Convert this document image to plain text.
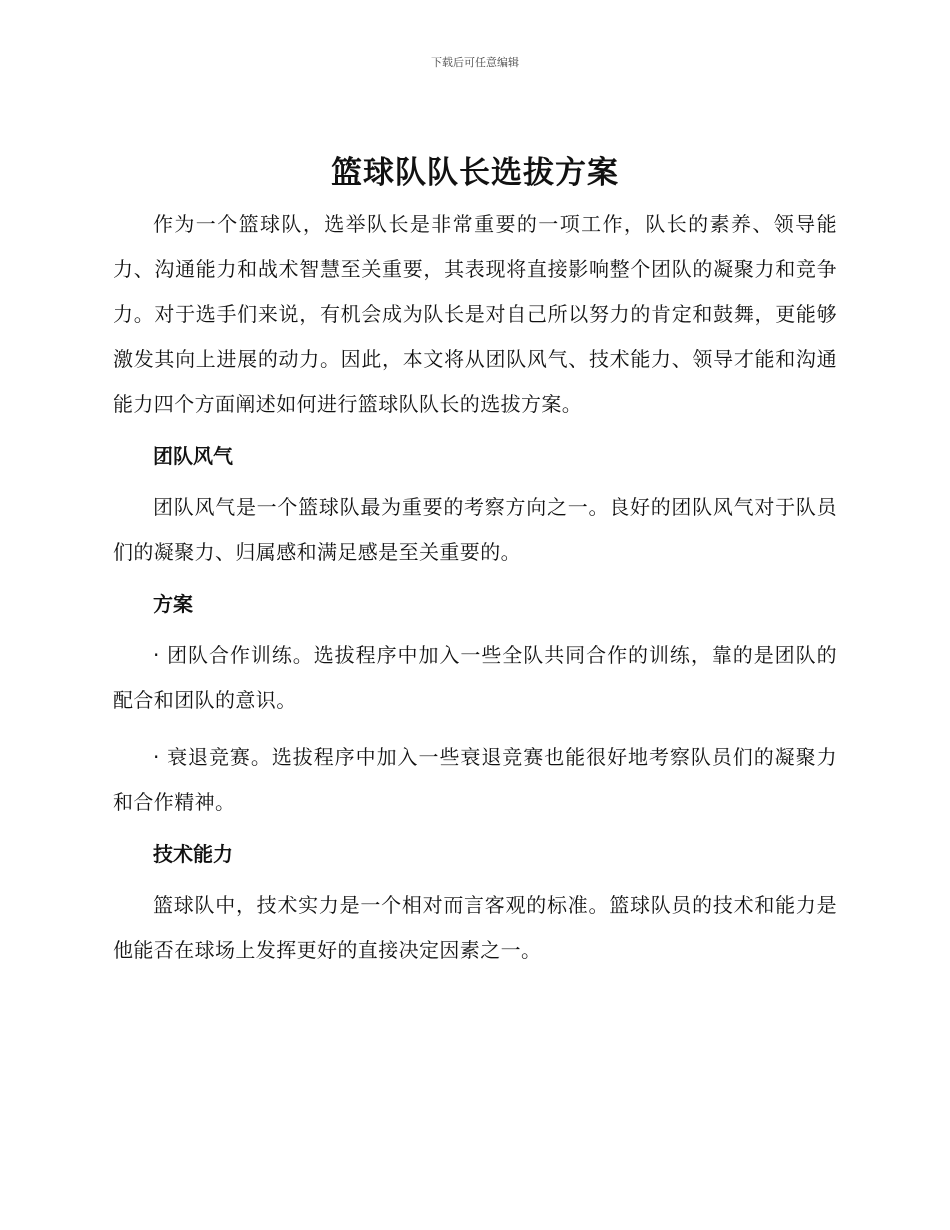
下载后可任意编辑
篮球队队长选拔方案

作为一个篮球队，选举队长是非常重要的一项工作，队长的素养、领导能力、沟通能力和战术智慧至关重要，其表现将直接影响整个团队的凝聚力和竞争力。对于选手们来说，有机会成为队长是对自己所以努力的肯定和鼓舞，更能够激发其向上进展的动力。因此，本文将从团队风气、技术能力、领导才能和沟通能力四个方面阐述如何进行篮球队队长的选拔方案。

团队风气

团队风气是一个篮球队最为重要的考察方向之一。良好的团队风气对于队员们的凝聚力、归属感和满足感是至关重要的。

方案

· 团队合作训练。选拔程序中加入一些全队共同合作的训练，靠的是团队的配合和团队的意识。

· 衰退竞赛。选拔程序中加入一些衰退竞赛也能很好地考察队员们的凝聚力和合作精神。

技术能力

篮球队中，技术实力是一个相对而言客观的标准。篮球队员的技术和能力是他能否在球场上发挥更好的直接决定因素之一。
